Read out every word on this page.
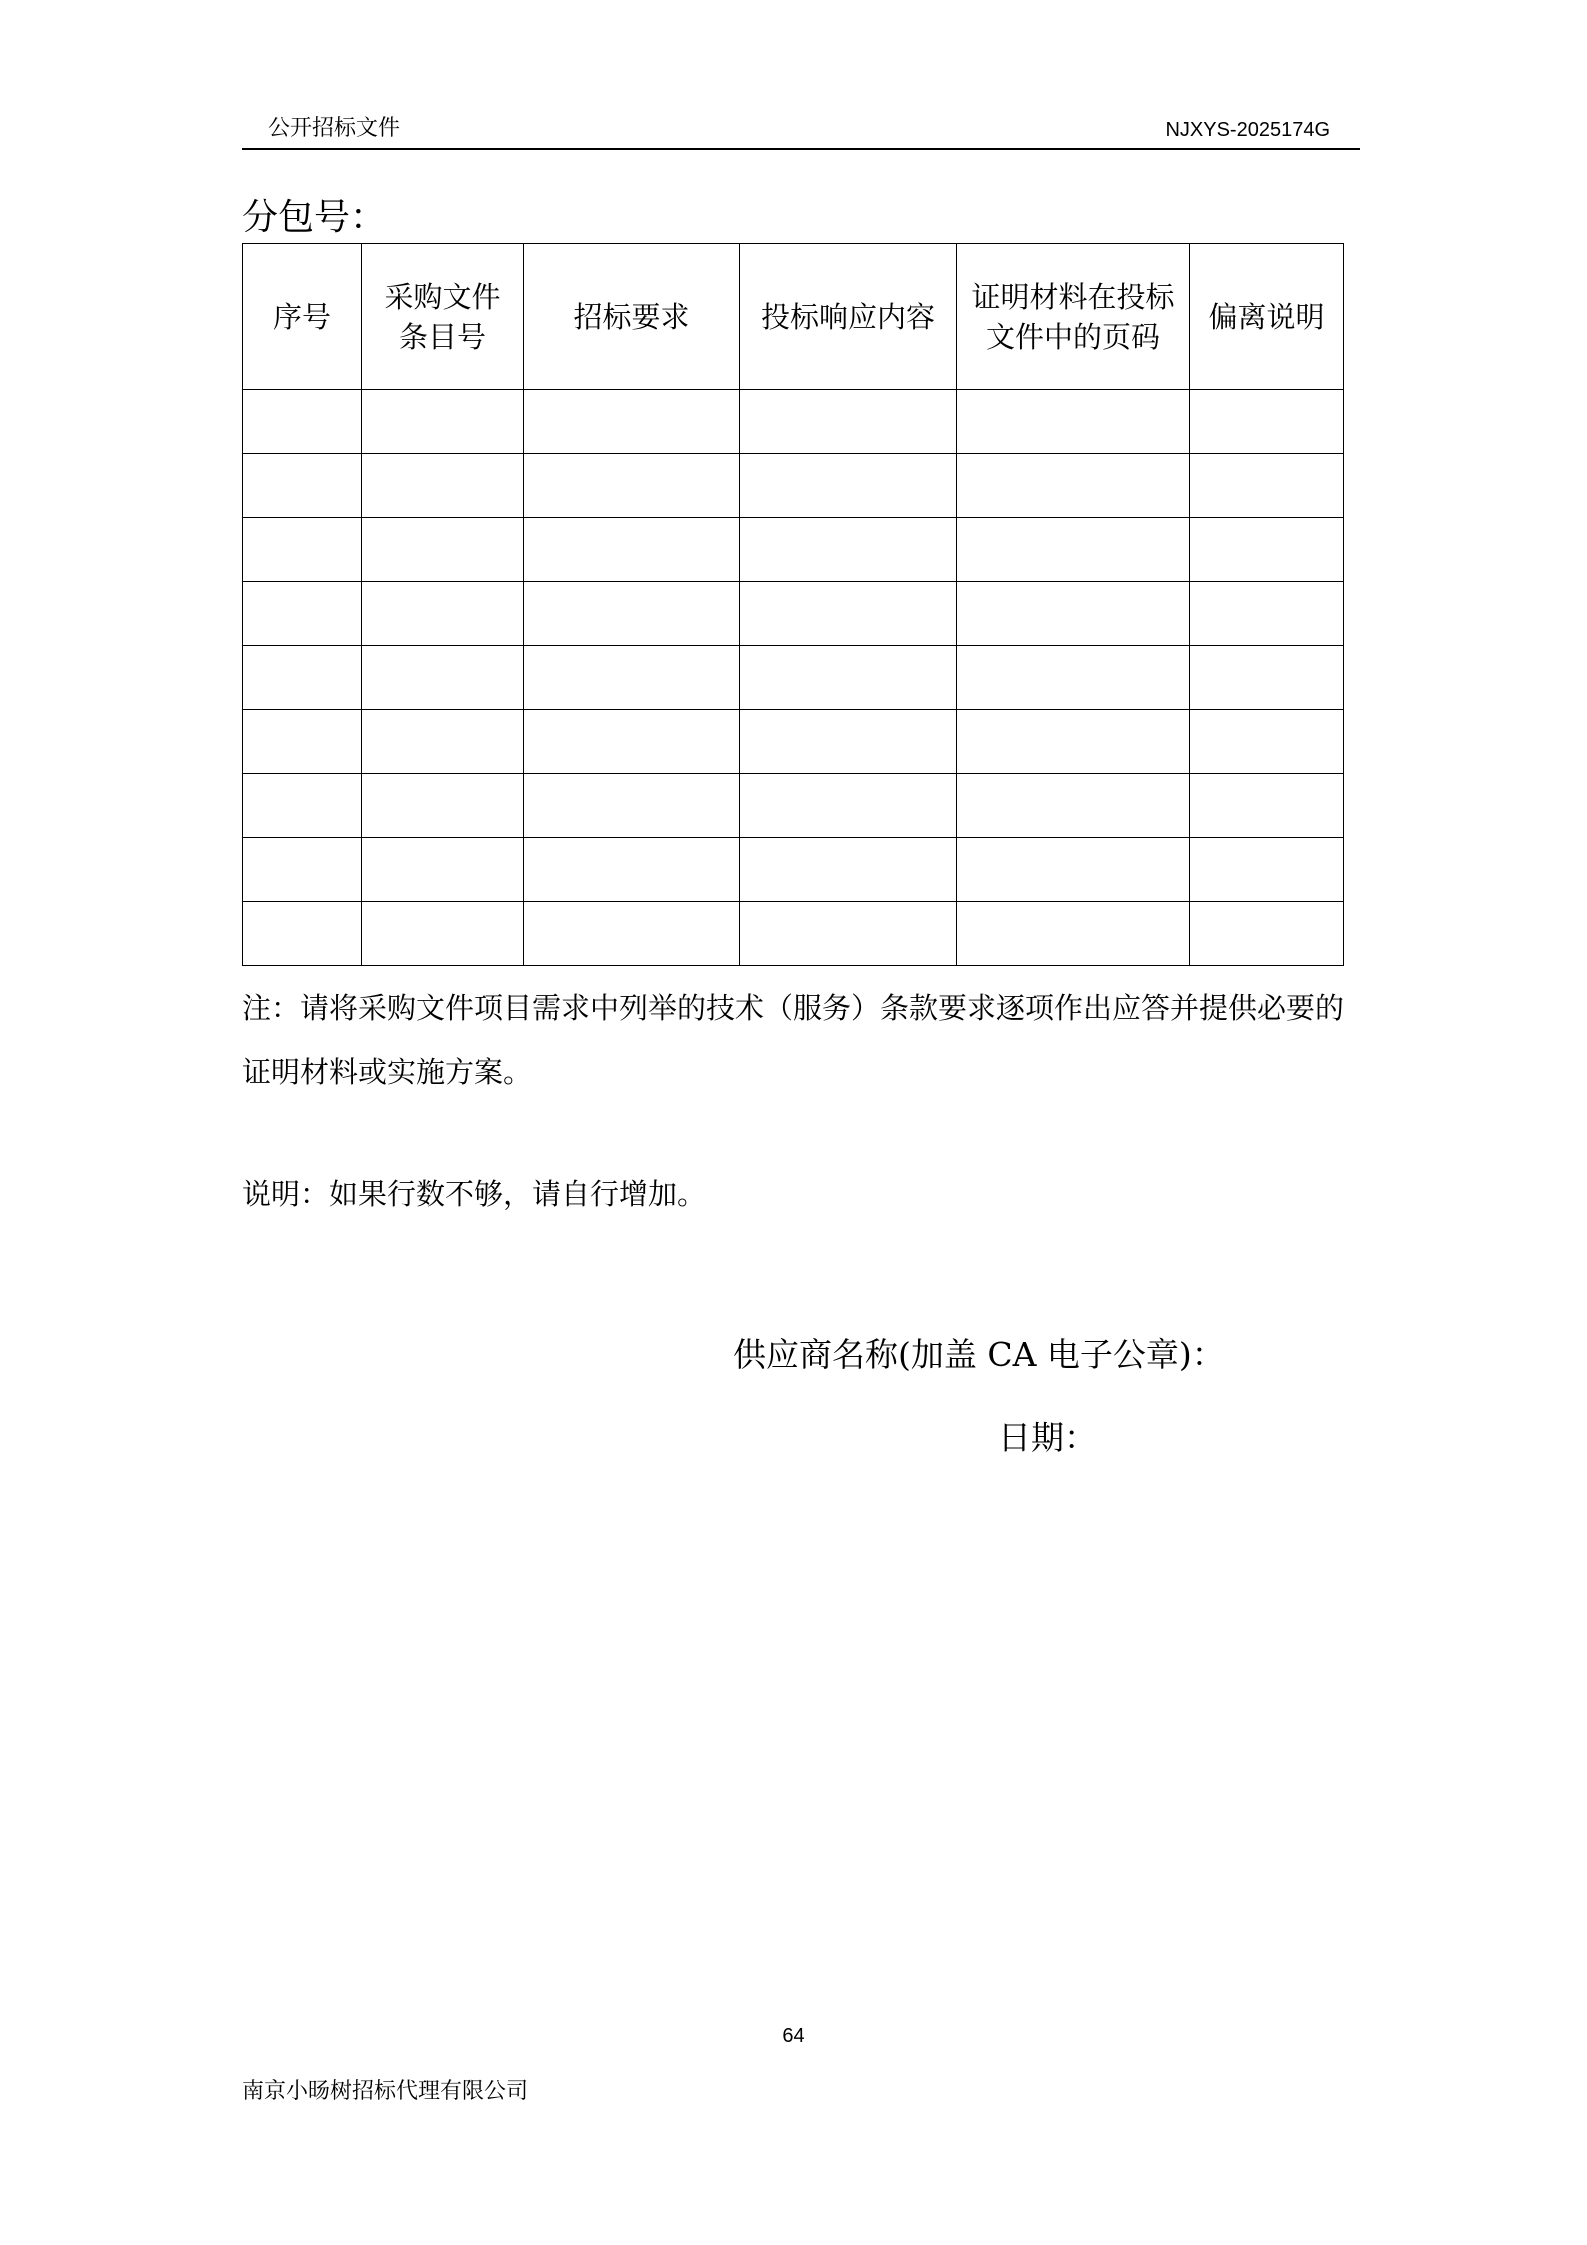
公开招标文件	NJXYS-2025174G
分包号：
序号	采购文件条目号	招标要求	投标响应内容	证明材料在投标文件中的页码	偏离说明

注：请将采购文件项目需求中列举的技术（服务）条款要求逐项作出应答并提供必要的证明材料或实施方案。
说明：如果行数不够，请自行增加。
供应商名称(加盖 CA 电子公章)：
日期：
64
南京小旸树招标代理有限公司
